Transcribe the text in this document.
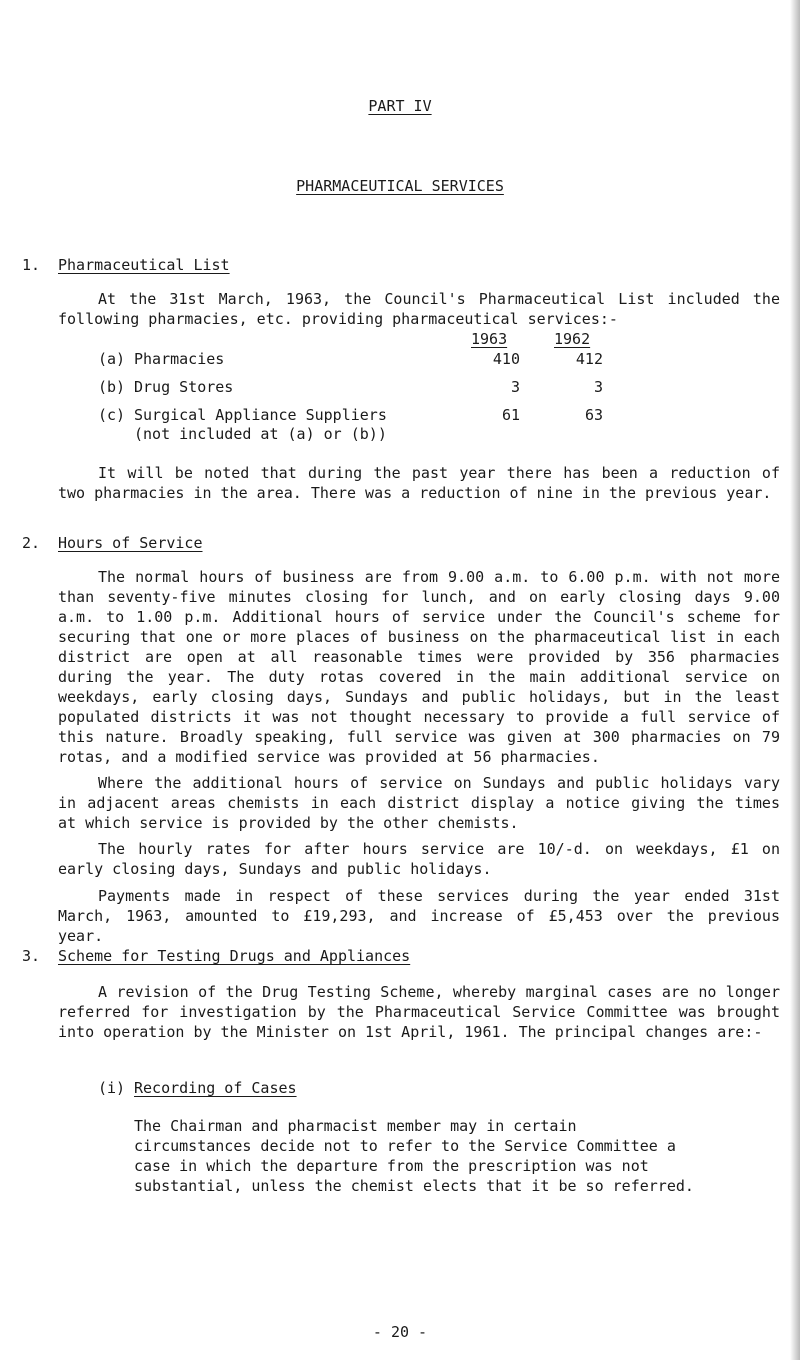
PART IV
PHARMACEUTICAL SERVICES
1. Pharmaceutical List

At the 31st March, 1963, the Council's Pharmaceutical List included the following pharmacies, etc. providing pharmaceutical services:-

1963	1962
(a) Pharmacies	410	412
(b) Drug Stores	3	3
(c) Surgical Appliance Suppliers	61	63
(not included at (a) or (b))

It will be noted that during the past year there has been a reduction of two pharmacies in the area. There was a reduction of nine in the previous year.

2. Hours of Service

The normal hours of business are from 9.00 a.m. to 6.00 p.m. with not more than seventy-five minutes closing for lunch, and on early closing days 9.00 a.m. to 1.00 p.m. Additional hours of service under the Council's scheme for securing that one or more places of business on the pharmaceutical list in each district are open at all reasonable times were provided by 356 pharmacies during the year. The duty rotas covered in the main additional service on weekdays, early closing days, Sundays and public holidays, but in the least populated districts it was not thought necessary to provide a full service of this nature. Broadly speaking, full service was given at 300 pharmacies on 79 rotas, and a modified service was provided at 56 pharmacies.

Where the additional hours of service on Sundays and public holidays vary in adjacent areas chemists in each district display a notice giving the times at which service is provided by the other chemists.

The hourly rates for after hours service are 10/-d. on weekdays, £1 on early closing days, Sundays and public holidays.

Payments made in respect of these services during the year ended 31st March, 1963, amounted to £19,293, and increase of £5,453 over the previous year.

3. Scheme for Testing Drugs and Appliances

A revision of the Drug Testing Scheme, whereby marginal cases are no longer referred for investigation by the Pharmaceutical Service Committee was brought into operation by the Minister on 1st April, 1961. The principal changes are:-

(i) Recording of Cases

The Chairman and pharmacist member may in certain circumstances decide not to refer to the Service Committee a case in which the departure from the prescription was not substantial, unless the chemist elects that it be so referred.

- 20 -
